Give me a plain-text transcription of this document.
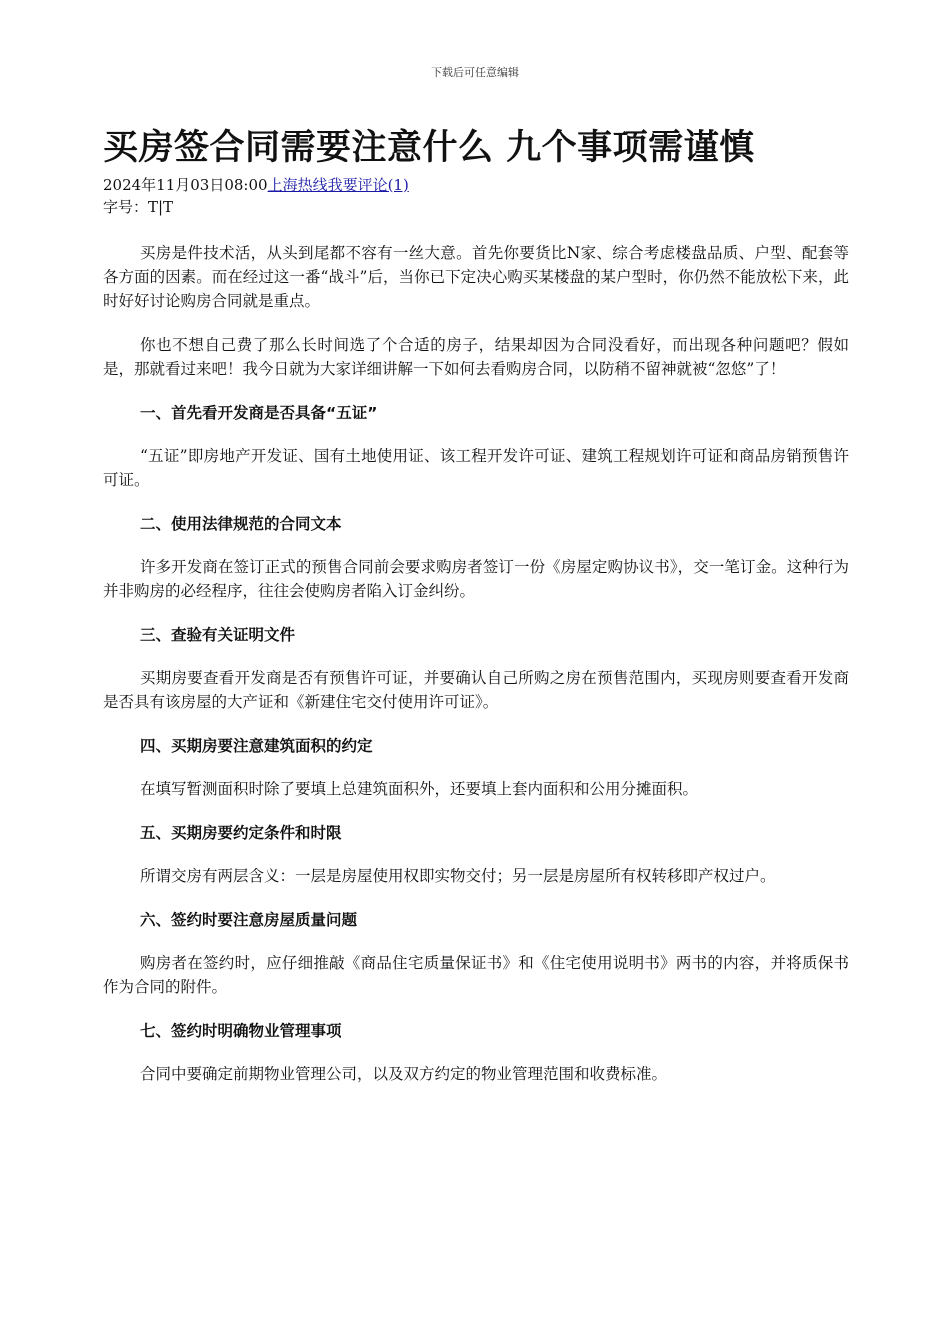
下载后可任意编辑
买房签合同需要注意什么 九个事项需谨慎
2024年11月03日08:00上海热线我要评论(1)
字号：T|T

买房是件技术活，从头到尾都不容有一丝大意。首先你要货比N家、综合考虑楼盘品质、户型、配套等各方面的因素。而在经过这一番“战斗”后，当你已下定决心购买某楼盘的某户型时，你仍然不能放松下来，此时好好讨论购房合同就是重点。

你也不想自己费了那么长时间选了个合适的房子，结果却因为合同没看好，而出现各种问题吧？假如是，那就看过来吧！我今日就为大家详细讲解一下如何去看购房合同，以防稍不留神就被“忽悠”了！

一、首先看开发商是否具备“五证”

“五证”即房地产开发证、国有土地使用证、该工程开发许可证、建筑工程规划许可证和商品房销预售许可证。

二、使用法律规范的合同文本

许多开发商在签订正式的预售合同前会要求购房者签订一份《房屋定购协议书》，交一笔订金。这种行为并非购房的必经程序，往往会使购房者陷入订金纠纷。

三、查验有关证明文件

买期房要查看开发商是否有预售许可证，并要确认自己所购之房在预售范围内，买现房则要查看开发商是否具有该房屋的大产证和《新建住宅交付使用许可证》。

四、买期房要注意建筑面积的约定

在填写暂测面积时除了要填上总建筑面积外，还要填上套内面积和公用分摊面积。

五、买期房要约定条件和时限

所谓交房有两层含义：一层是房屋使用权即实物交付；另一层是房屋所有权转移即产权过户。

六、签约时要注意房屋质量问题

购房者在签约时，应仔细推敲《商品住宅质量保证书》和《住宅使用说明书》两书的内容，并将质保书作为合同的附件。

七、签约时明确物业管理事项

合同中要确定前期物业管理公司，以及双方约定的物业管理范围和收费标准。
